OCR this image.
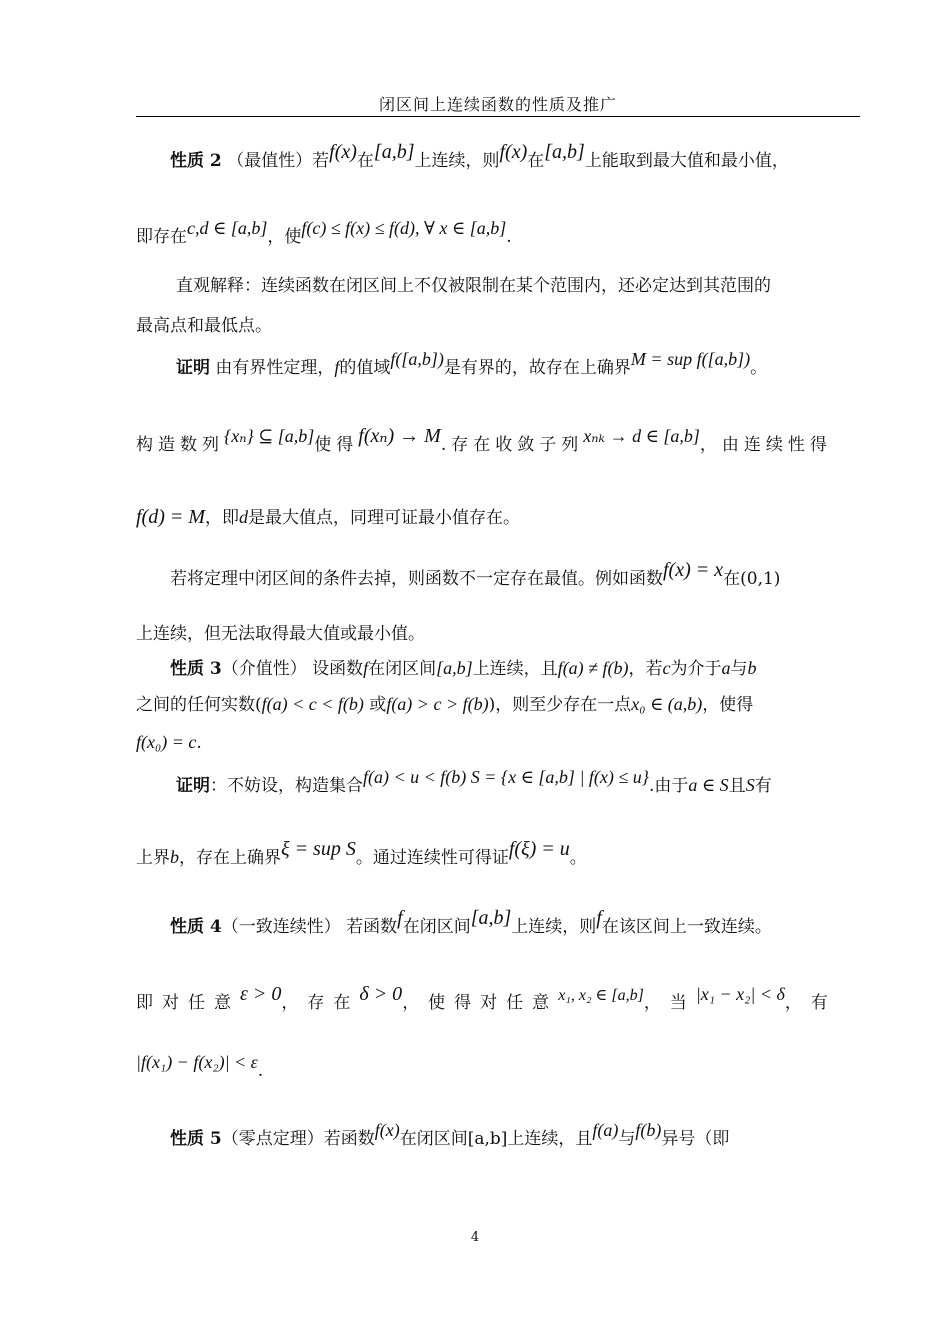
闭区间上连续函数的性质及推广
性质 2 （最值性）若f(x)在[a,b]上连续，则f(x)在[a,b]上能取到最大值和最小值，
即存在c,d ∈ [a,b]，使f(c) ≤ f(x) ≤ f(d), ∀ x ∈ [a,b].
直观解释：连续函数在闭区间上不仅被限制在某个范围内，还必定达到其范围的
最高点和最低点。
证明 由有界性定理，f的值域f([a,b])是有界的，故存在上确界M = sup f([a,b])。
构造数列{xₙ} ⊆ [a,b]使得f(xₙ) → M.存在收敛子列xₙₖ → d ∈ [a,b]，由连续性得
f(d) = M，即d是最大值点，同理可证最小值存在。
若将定理中闭区间的条件去掉，则函数不一定存在最值。例如函数f(x) = x在(0,1)
上连续，但无法取得最大值或最小值。
性质 3（介值性） 设函数f在闭区间[a,b]上连续，且f(a) ≠ f(b)，若c为介于a与b
之间的任何实数(f(a) < c < f(b) 或f(a) > c > f(b))，则至少存在一点x₀ ∈ (a,b)，使得
f(x₀) = c.
证明：不妨设，构造集合f(a) < u < f(b) S = {x ∈ [a,b] | f(x) ≤ u}.由于a ∈ S且S有
上界b，存在上确界ξ = sup S。通过连续性可得证f(ξ) = u。
性质 4（一致连续性） 若函数f在闭区间[a,b]上连续，则f在该区间上一致连续。
即对任意ε > 0，存在δ > 0，使得对任意x₁, x₂ ∈ [a,b]，当|x₁ − x₂| < δ，有
|f(x₁) − f(x₂)| < ε.
性质 5（零点定理）若函数f(x)在闭区间[a,b]上连续，且f(a)与f(b)异号（即
4
